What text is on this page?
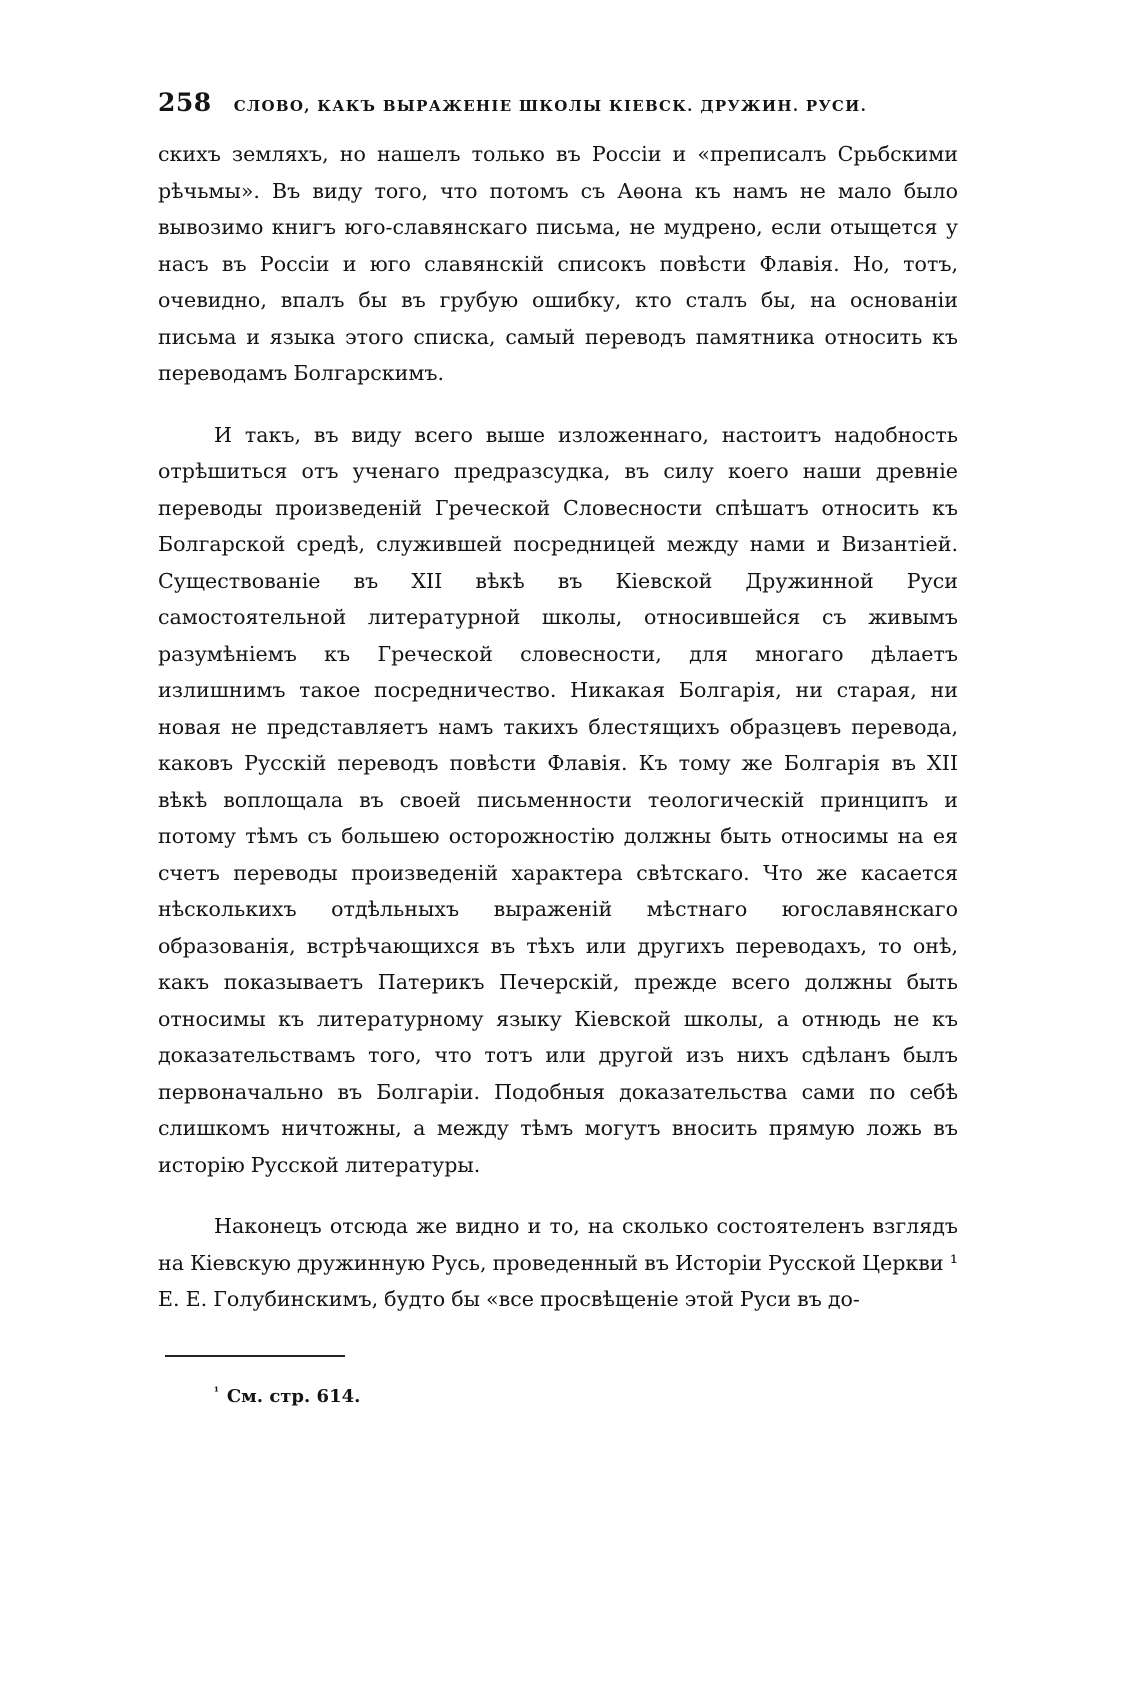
258 СЛОВО, КАКЪ ВЫРАЖЕНІЕ ШКОЛЫ КІЕВСК. ДРУЖИН. РУСИ.

скихъ земляхъ, но нашелъ только въ Россіи и «преписалъ Срьбскими рѣчьмы». Въ виду того, что потомъ съ Аѳона къ намъ не мало было вывозимо книгъ юго-славянскаго письма, не мудрено, если отыщется у насъ въ Россіи и юго славянскій списокъ повѣсти Флавія. Но, тотъ, очевидно, впалъ бы въ грубую ошибку, кто сталъ бы, на основаніи письма и языка этого списка, самый переводъ памятника относить къ переводамъ Болгарскимъ.

И такъ, въ виду всего выше изложеннаго, настоитъ надобность отрѣшиться отъ ученаго предразсудка, въ силу коего наши древніе переводы произведеній Греческой Словесности спѣшатъ относить къ Болгарской средѣ, служившей посредницей между нами и Византіей. Существованіе въ XII вѣкѣ въ Кіевской Дружинной Руси самостоятельной литературной школы, относившейся съ живымъ разумѣніемъ къ Греческой словесности, для многаго дѣлаетъ излишнимъ такое посредничество. Никакая Болгарія, ни старая, ни новая не представляетъ намъ такихъ блестящихъ образцевъ перевода, каковъ Русскій переводъ повѣсти Флавія. Къ тому же Болгарія въ XII вѣкѣ воплощала въ своей письменности теологическій принципъ и потому тѣмъ съ большею осторожностію должны быть относимы на ея счетъ переводы произведеній характера свѣтскаго. Что же касается нѣсколькихъ отдѣльныхъ выраженій мѣстнаго югославянскаго образованія, встрѣчающихся въ тѣхъ или другихъ переводахъ, то онѣ, какъ показываетъ Патерикъ Печерскій, прежде всего должны быть относимы къ литературному языку Кіевской школы, а отнюдь не къ доказательствамъ того, что тотъ или другой изъ нихъ сдѣланъ былъ первоначально въ Болгаріи. Подобныя доказательства сами по себѣ слишкомъ ничтожны, а между тѣмъ могутъ вносить прямую ложь въ исторію Русской литературы.

Наконецъ отсюда же видно и то, на сколько состоятеленъ взглядъ на Кіевскую дружинную Русь, проведенный въ Исторіи Русской Церкви ¹ Е. Е. Голубинскимъ, будто бы «все просвѣщеніе этой Руси въ до-

$^{^1}$ См. стр. 614.
